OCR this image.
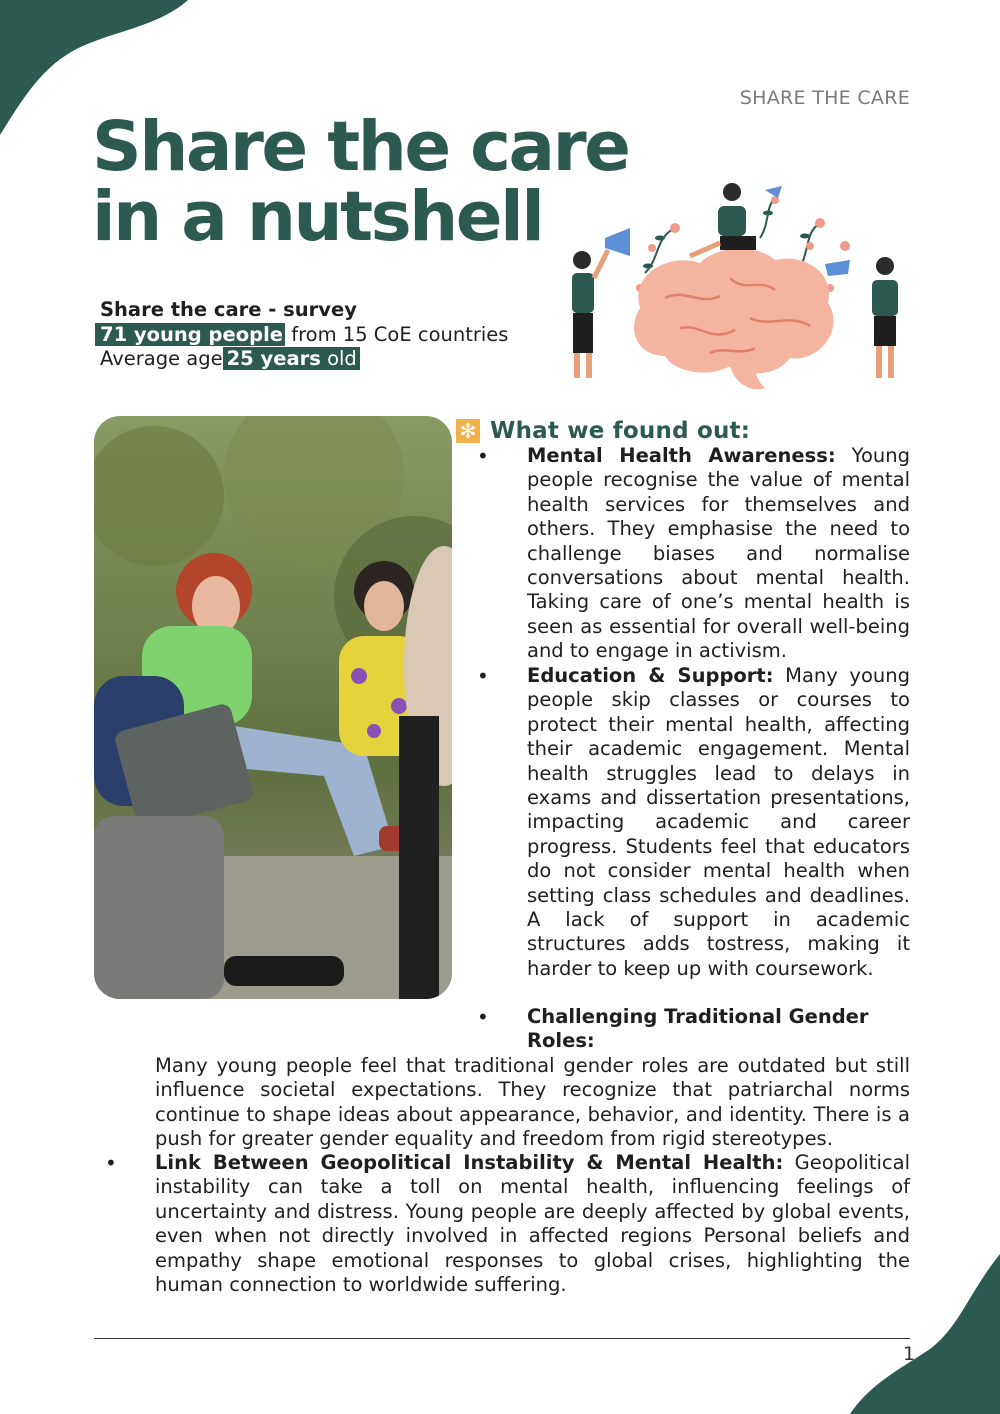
SHARE THE CARE
Share the care
in a nutshell
Share the care - survey
71 young people from 15 CoE countries
Average age 25 years old
✻ What we found out:
• Mental Health Awareness: Young people recognise the value of mental health services for themselves and others. They emphasise the need to challenge biases and normalise conversations about mental health. Taking care of one’s mental health is seen as essential for overall well-being and to engage in activism.

• Education & Support: Many young people skip classes or courses to protect their mental health, affecting their academic engagement. Mental health struggles lead to delays in exams and dissertation presentations, impacting academic and career progress. Students feel that educators do not consider mental health when setting class schedules and deadlines. A lack of support in academic structures adds tostress, making it harder to keep up with coursework.

•	Challenging Traditional Gender Roles:

Many young people feel that traditional gender roles are outdated but still influence societal expectations. They recognize that patriarchal norms continue to shape ideas about appearance, behavior, and identity. There is a push for greater gender equality and freedom from rigid stereotypes.

• Link Between Geopolitical Instability & Mental Health: Geopolitical instability can take a toll on mental health, influencing feelings of uncertainty and distress. Young people are deeply affected by global events, even when not directly involved in affected regions Personal beliefs and empathy shape emotional responses to global crises, highlighting the human connection to worldwide suffering.

1
